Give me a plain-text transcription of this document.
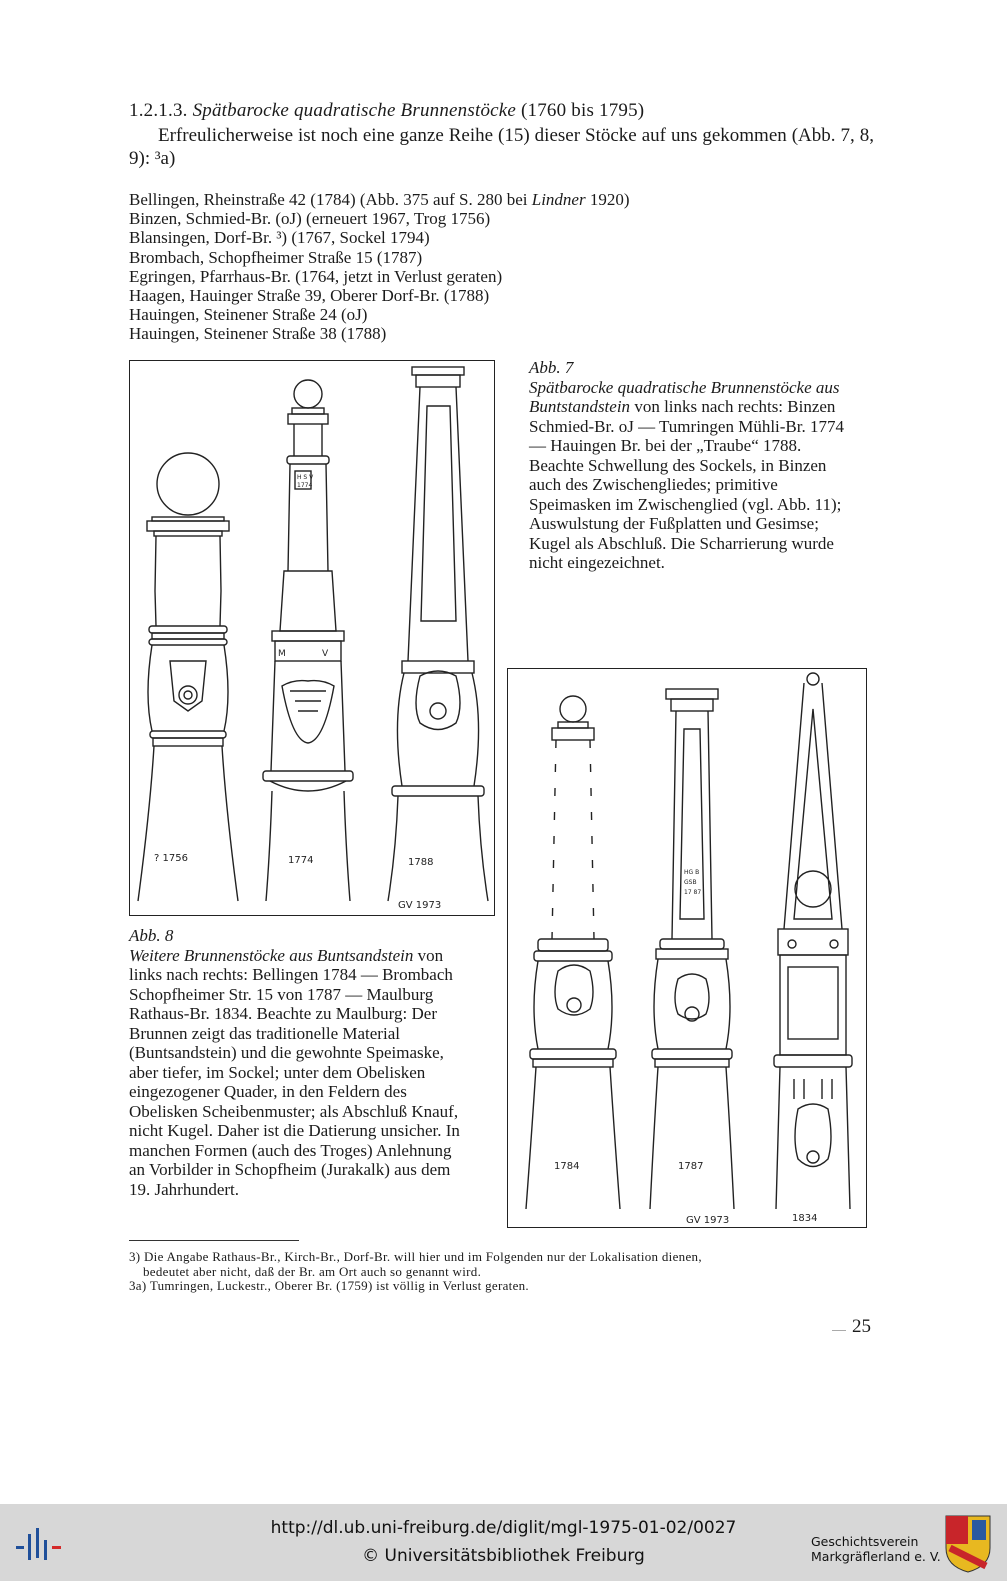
1.2.1.3. Spätbarocke quadratische Brunnenstöcke (1760 bis 1795)
Erfreulicherweise ist noch eine ganze Reihe (15) dieser Stöcke auf uns gekommen (Abb. 7, 8, 9): ³a)
Bellingen, Rheinstraße 42 (1784) (Abb. 375 auf S. 280 bei Lindner 1920)
Binzen, Schmied-Br. (oJ) (erneuert 1967, Trog 1756)
Blansingen, Dorf-Br. ³) (1767, Sockel 1794)
Brombach, Schopfheimer Straße 15 (1787)
Egringen, Pfarrhaus-Br. (1764, jetzt in Verlust geraten)
Haagen, Hauinger Straße 39, Oberer Dorf-Br. (1788)
Hauingen, Steinener Straße 24 (oJ)
Hauingen, Steinener Straße 38 (1788)
H S V
1774
M	V
? 1756	1774	1788
GV 1973
Abb. 7
Spätbarocke quadratische Brunnenstöcke aus Buntstandstein von links nach rechts: Binzen Schmied-Br. oJ — Tumringen Mühli-Br. 1774 — Hauingen Br. bei der „Traube“ 1788. Beachte Schwellung des Sockels, in Binzen auch des Zwischengliedes; primitive Speimasken im Zwischenglied (vgl. Abb. 11); Auswulstung der Fußplatten und Gesimse; Kugel als Abschluß. Die Scharrierung wurde nicht eingezeichnet.
HG B
GSB
17 87
1784	1787
1834
GV 1973
Abb. 8
Weitere Brunnenstöcke aus Buntsandstein von links nach rechts: Bellingen 1784 — Brombach Schopfheimer Str. 15 von 1787 — Maulburg Rathaus-Br. 1834. Beachte zu Maulburg: Der Brunnen zeigt das traditionelle Material (Buntsandstein) und die gewohnte Speimaske, aber tiefer, im Sockel; unter dem Obelisken eingezogener Quader, in den Feldern des Obelisken Scheibenmuster; als Abschluß Knauf, nicht Kugel. Daher ist die Datierung unsicher. In manchen Formen (auch des Troges) Anlehnung an Vorbilder in Schopfheim (Jurakalk) aus dem 19. Jahrhundert.
3) Die Angabe Rathaus-Br., Kirch-Br., Dorf-Br. will hier und im Folgenden nur der Lokalisation dienen,
bedeutet aber nicht, daß der Br. am Ort auch so genannt wird.
3a) Tumringen, Luckestr., Oberer Br. (1759) ist völlig in Verlust geraten.
25
http://dl.ub.uni-freiburg.de/diglit/mgl-1975-01-02/0027
© Universitätsbibliothek Freiburg
Geschichtsverein
Markgräflerland e. V.
